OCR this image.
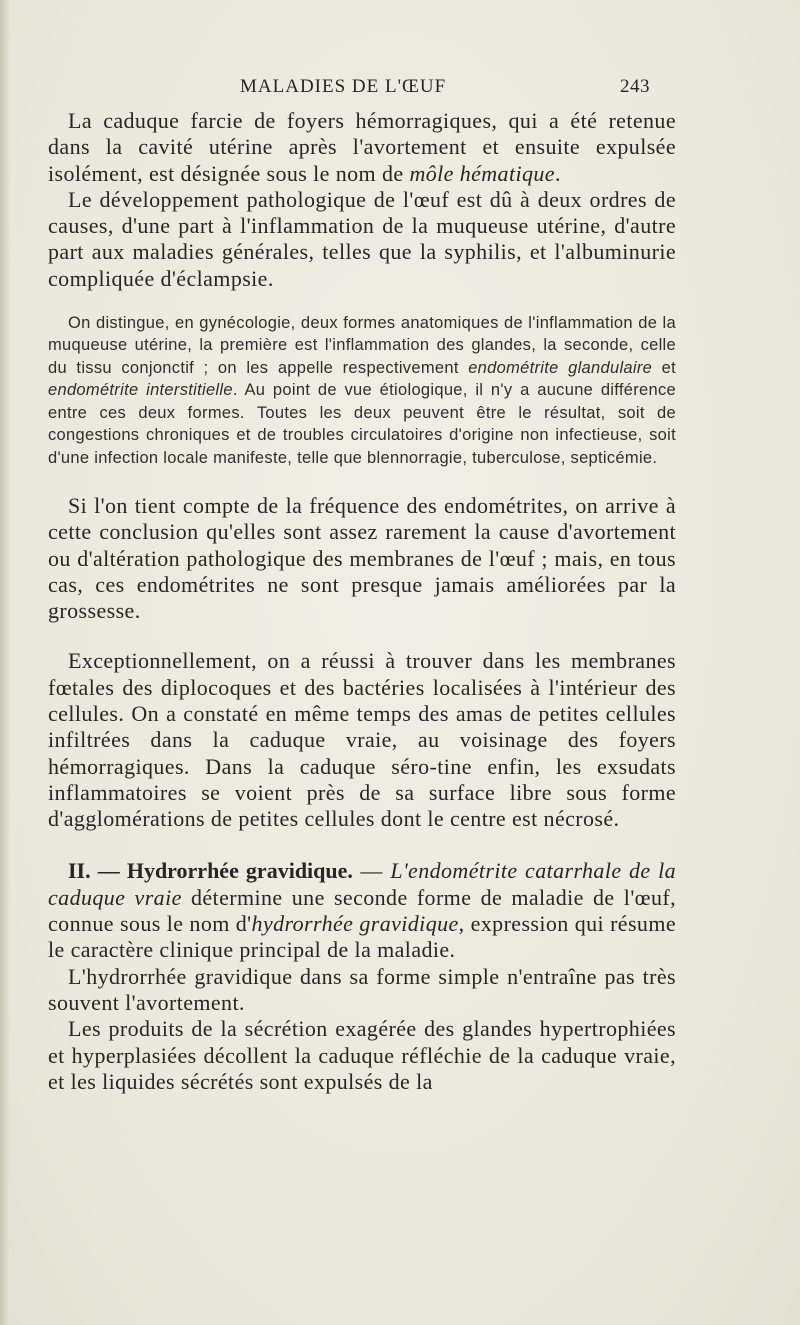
MALADIES DE L'ŒUF	243

La caduque farcie de foyers hémorragiques, qui a été retenue dans la cavité utérine après l'avortement et ensuite expulsée isolément, est désignée sous le nom de môle hématique.

Le développement pathologique de l'œuf est dû à deux ordres de causes, d'une part à l'inflammation de la muqueuse utérine, d'autre part aux maladies générales, telles que la syphilis, et l'albuminurie compliquée d'éclampsie.

On distingue, en gynécologie, deux formes anatomiques de l'inflammation de la muqueuse utérine, la première est l'inflammation des glandes, la seconde, celle du tissu conjonctif ; on les appelle respectivement endométrite glandulaire et endométrite interstitielle. Au point de vue étiologique, il n'y a aucune différence entre ces deux formes. Toutes les deux peuvent être le résultat, soit de congestions chroniques et de troubles circulatoires d'origine non infectieuse, soit d'une infection locale manifeste, telle que blennorragie, tuberculose, septicémie.

Si l'on tient compte de la fréquence des endométrites, on arrive à cette conclusion qu'elles sont assez rarement la cause d'avortement ou d'altération pathologique des membranes de l'œuf ; mais, en tous cas, ces endométrites ne sont presque jamais améliorées par la grossesse.

Exceptionnellement, on a réussi à trouver dans les membranes fœtales des diplocoques et des bactéries localisées à l'intérieur des cellules. On a constaté en même temps des amas de petites cellules infiltrées dans la caduque vraie, au voisinage des foyers hémorragiques. Dans la caduque séro-tine enfin, les exsudats inflammatoires se voient près de sa surface libre sous forme d'agglomérations de petites cellules dont le centre est nécrosé.

II. — Hydrorrhée gravidique. — L'endométrite catarrhale de la caduque vraie détermine une seconde forme de maladie de l'œuf, connue sous le nom d'hydrorrhée gravidique, expression qui résume le caractère clinique principal de la maladie.

L'hydrorrhée gravidique dans sa forme simple n'entraîne pas très souvent l'avortement.

Les produits de la sécrétion exagérée des glandes hypertrophiées et hyperplasiées décollent la caduque réfléchie de la caduque vraie, et les liquides sécrétés sont expulsés de la
